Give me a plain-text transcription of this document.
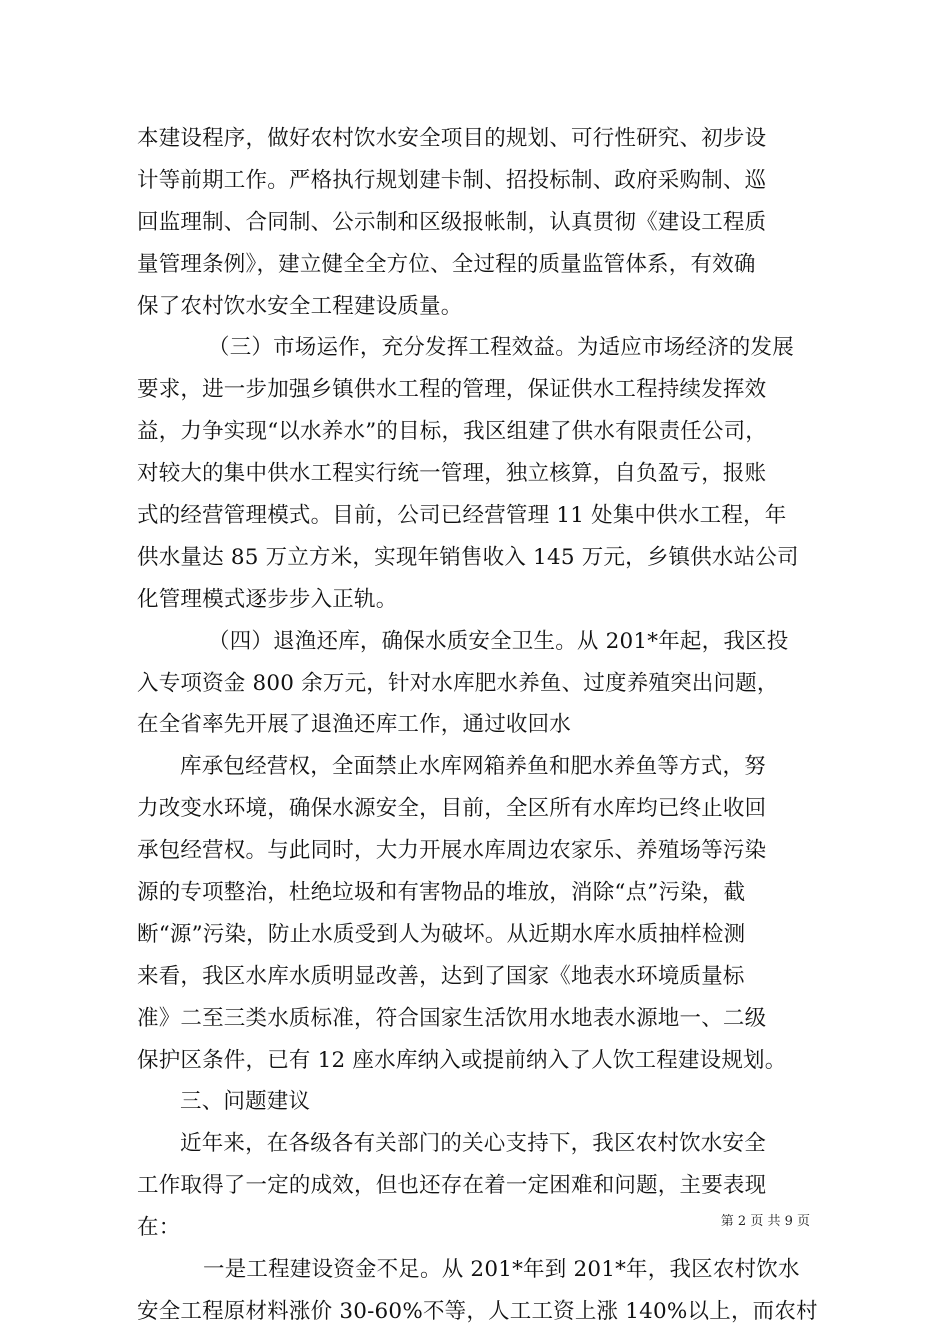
本建设程序，做好农村饮水安全项目的规划、可行性研究、初步设
计等前期工作。严格执行规划建卡制、招投标制、政府采购制、巡
回监理制、合同制、公示制和区级报帐制，认真贯彻《建设工程质
量管理条例》，建立健全全方位、全过程的质量监管体系，有效确
保了农村饮水安全工程建设质量。
（三）市场运作，充分发挥工程效益。为适应市场经济的发展
要求，进一步加强乡镇供水工程的管理，保证供水工程持续发挥效
益，力争实现“以水养水”的目标，我区组建了供水有限责任公司，
对较大的集中供水工程实行统一管理，独立核算，自负盈亏，报账
式的经营管理模式。目前，公司已经营管理 11 处集中供水工程，年
供水量达 85 万立方米，实现年销售收入 145 万元，乡镇供水站公司
化管理模式逐步步入正轨。
（四）退渔还库，确保水质安全卫生。从 201*年起，我区投
入专项资金 800 余万元，针对水库肥水养鱼、过度养殖突出问题，
在全省率先开展了退渔还库工作，通过收回水
库承包经营权，全面禁止水库网箱养鱼和肥水养鱼等方式，努
力改变水环境，确保水源安全，目前，全区所有水库均已终止收回
承包经营权。与此同时，大力开展水库周边农家乐、养殖场等污染
源的专项整治，杜绝垃圾和有害物品的堆放，消除“点”污染，截
断“源”污染，防止水质受到人为破坏。从近期水库水质抽样检测
来看，我区水库水质明显改善，达到了国家《地表水环境质量标
准》二至三类水质标准，符合国家生活饮用水地表水源地一、二级
保护区条件，已有 12 座水库纳入或提前纳入了人饮工程建设规划。
三、问题建议
近年来，在各级各有关部门的关心支持下，我区农村饮水安全
工作取得了一定的成效，但也还存在着一定困难和问题，主要表现
在：
一是工程建设资金不足。从 201*年到 201*年，我区农村饮水
安全工程原材料涨价 30-60%不等，人工工资上涨 140%以上，而农村
第 2 页 共 9 页
